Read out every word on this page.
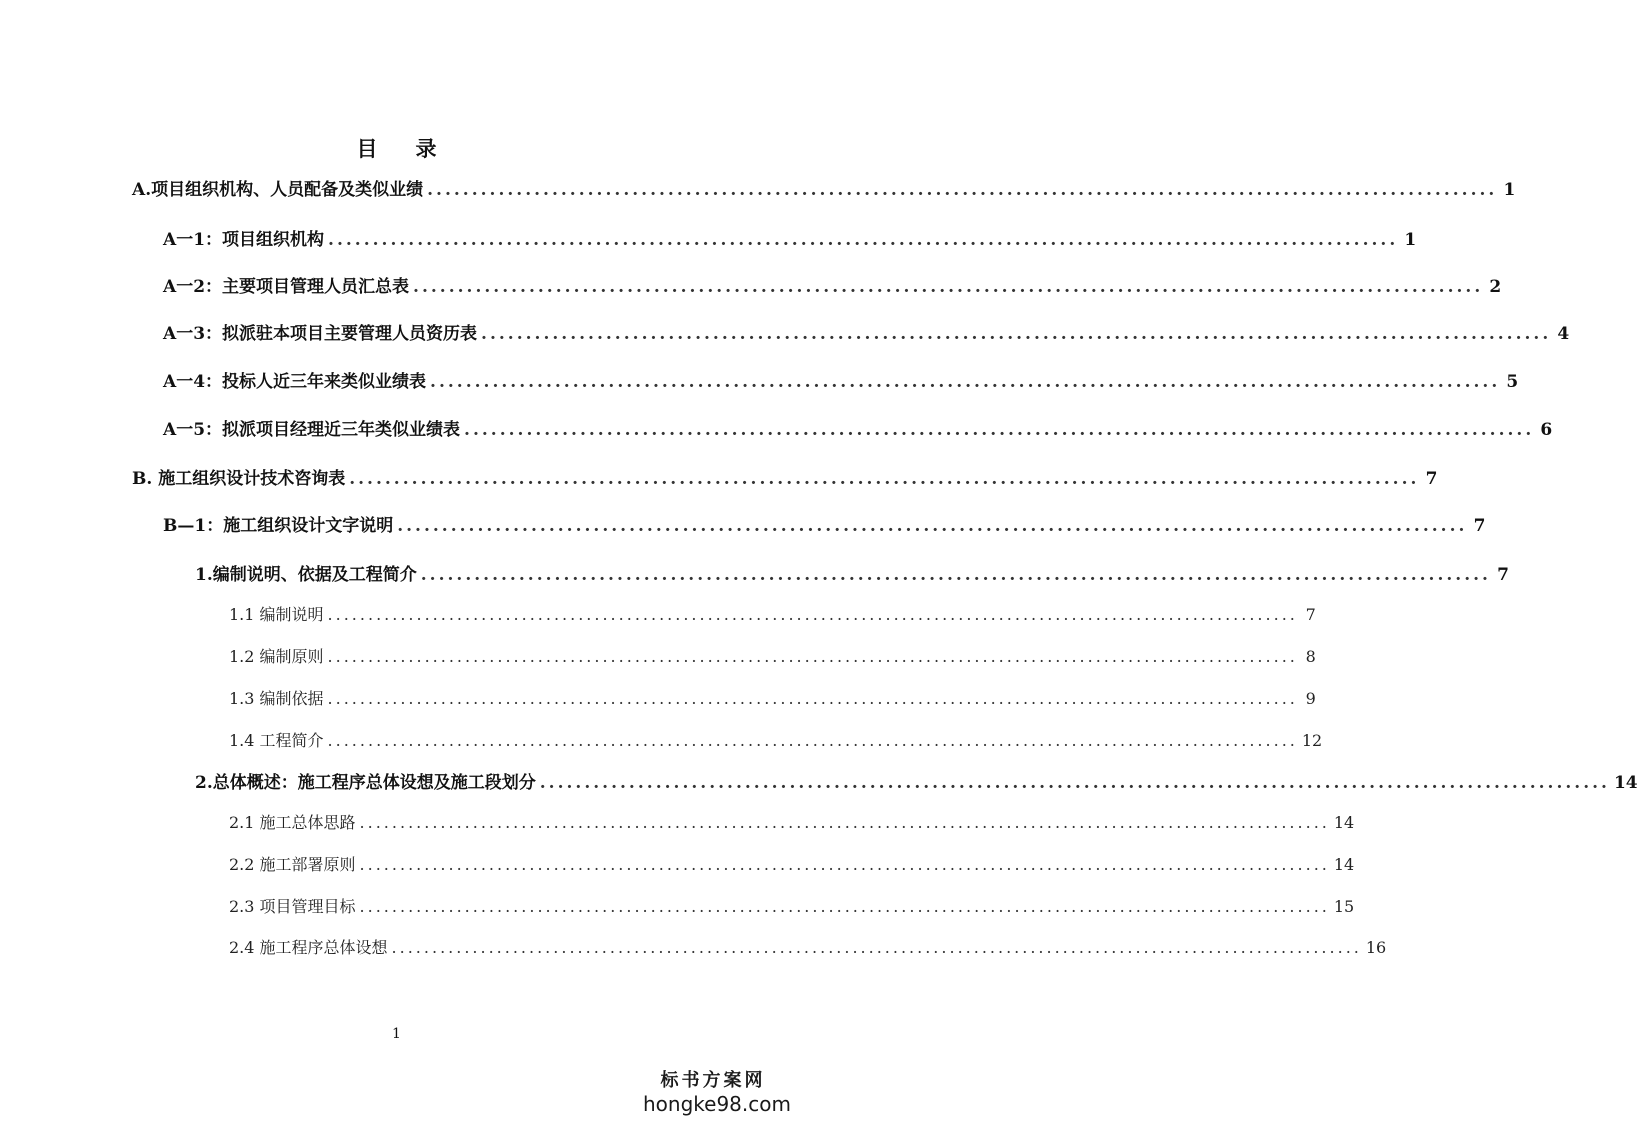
目录
A.项目组织机构、人员配备及类似业绩 ........................................................................................................................ 1
A一1：项目组织机构 ........................................................................................................................ 1
A一2：主要项目管理人员汇总表 ........................................................................................................................ 2
A一3：拟派驻本项目主要管理人员资历表 ........................................................................................................................ 4
A一4：投标人近三年来类似业绩表 ........................................................................................................................ 5
A一5：拟派项目经理近三年类似业绩表 ........................................................................................................................ 6
B. 施工组织设计技术咨询表 ........................................................................................................................ 7
B—1：施工组织设计文字说明 ........................................................................................................................ 7
1.编制说明、依据及工程简介 ........................................................................................................................ 7
1.1 编制说明 ........................................................................................................................ 7
1.2 编制原则 ........................................................................................................................ 8
1.3 编制依据 ........................................................................................................................ 9
1.4 工程简介 ........................................................................................................................ 12
2.总体概述：施工程序总体设想及施工段划分 ........................................................................................................................ 14
2.1 施工总体思路 ........................................................................................................................ 14
2.2 施工部署原则 ........................................................................................................................ 14
2.3 项目管理目标 ........................................................................................................................ 15
2.4 施工程序总体设想 ........................................................................................................................ 16
1
标书方案网
hongke98.com
